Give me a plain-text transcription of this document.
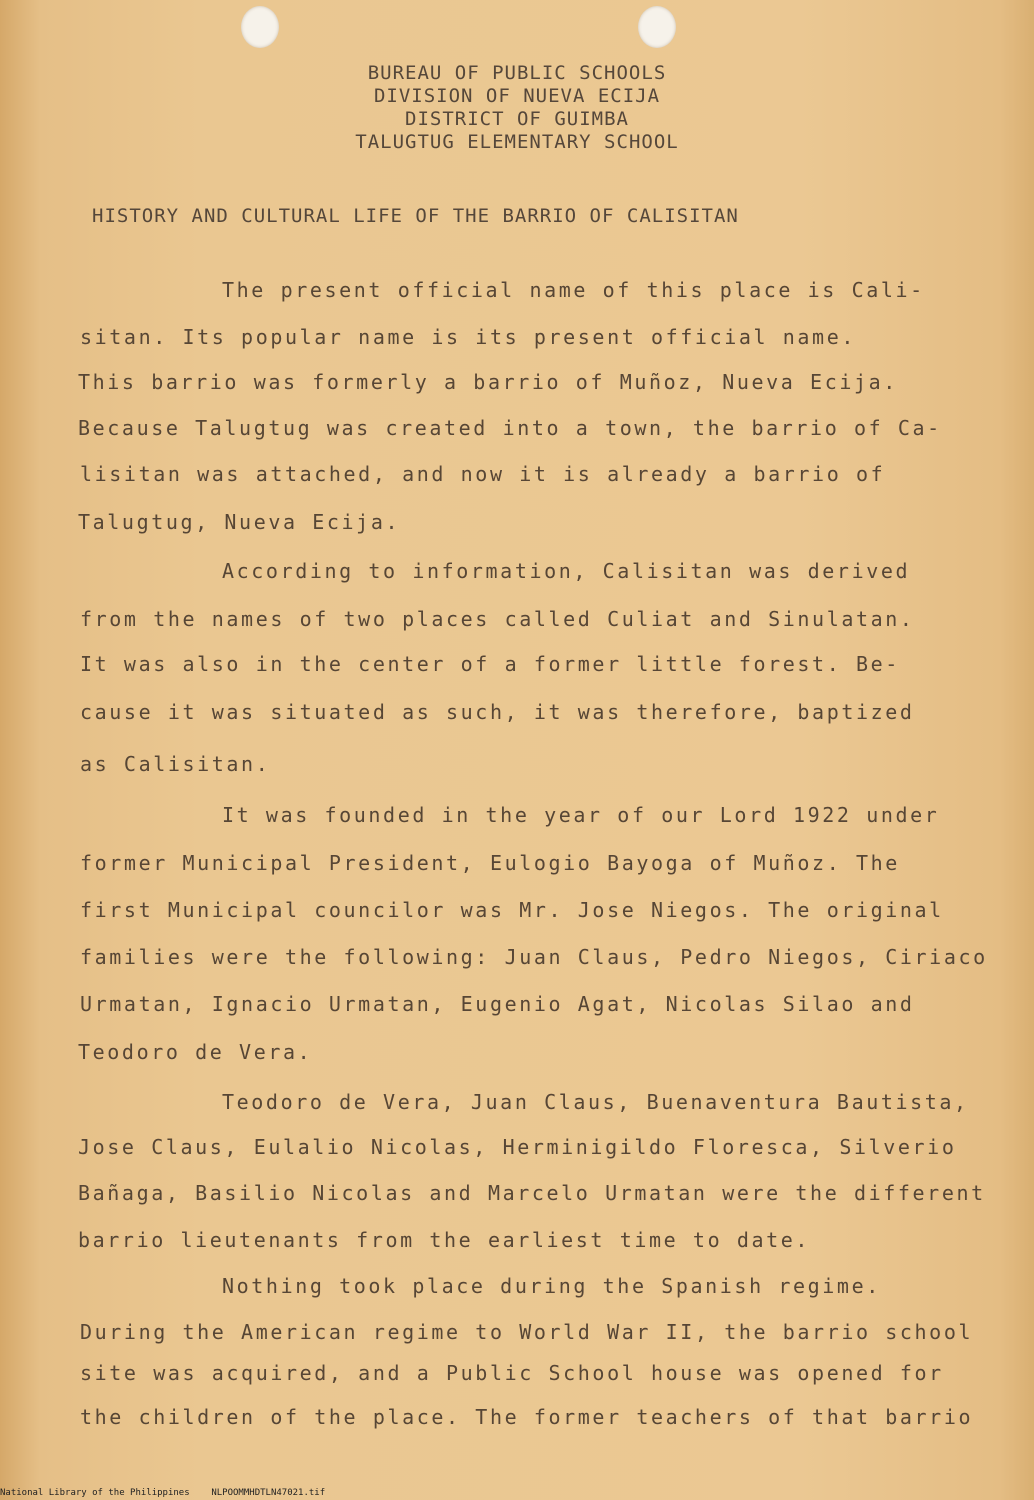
BUREAU OF PUBLIC SCHOOLS
DIVISION OF NUEVA ECIJA
DISTRICT OF GUIMBA
TALUGTUG ELEMENTARY SCHOOL
HISTORY AND CULTURAL LIFE OF THE BARRIO OF CALISITAN
The present official name of this place is Cali-
sitan. Its popular name is its present official name.
This barrio was formerly a barrio of Muñoz, Nueva Ecija.
Because Talugtug was created into a town, the barrio of Ca-
lisitan was attached, and now it is already a barrio of
Talugtug, Nueva Ecija.
According to information, Calisitan was derived
from the names of two places called Culiat and Sinulatan.
It was also in the center of a former little forest. Be-
cause it was situated as such, it was therefore, baptized
as Calisitan.
It was founded in the year of our Lord 1922 under
former Municipal President, Eulogio Bayoga of Muñoz. The
first Municipal councilor was Mr. Jose Niegos. The original
families were the following: Juan Claus, Pedro Niegos, Ciriaco
Urmatan, Ignacio Urmatan, Eugenio Agat, Nicolas Silao and
Teodoro de Vera.
Teodoro de Vera, Juan Claus, Buenaventura Bautista,
Jose Claus, Eulalio Nicolas, Herminigildo Floresca, Silverio
Bañaga, Basilio Nicolas and Marcelo Urmatan were the different
barrio lieutenants from the earliest time to date.
Nothing took place during the Spanish regime.
During the American regime to World War II, the barrio school
site was acquired, and a Public School house was opened for
the children of the place. The former teachers of that barrio
National Library of the Philippines NLPOOMMHDTLN47021.tif
